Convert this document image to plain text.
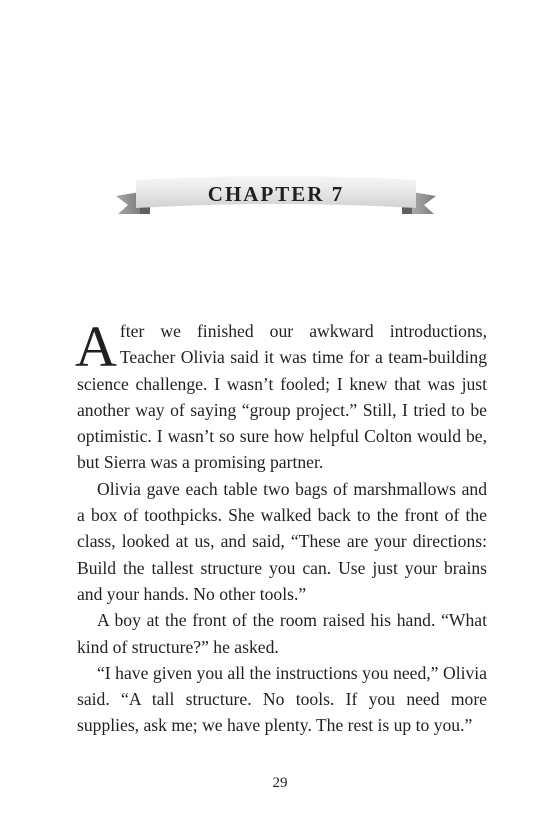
CHAPTER 7

After we finished our awkward introductions, Teacher Olivia said it was time for a team-building science challenge. I wasn’t fooled; I knew that was just another way of saying “group project.” Still, I tried to be optimistic. I wasn’t so sure how helpful Colton would be, but Sierra was a promising partner.

Olivia gave each table two bags of marshmallows and a box of toothpicks. She walked back to the front of the class, looked at us, and said, “These are your directions: Build the tallest structure you can. Use just your brains and your hands. No other tools.”

A boy at the front of the room raised his hand. “What kind of structure?” he asked.

“I have given you all the instructions you need,” Olivia said. “A tall structure. No tools. If you need more supplies, ask me; we have plenty. The rest is up to you.”

29
